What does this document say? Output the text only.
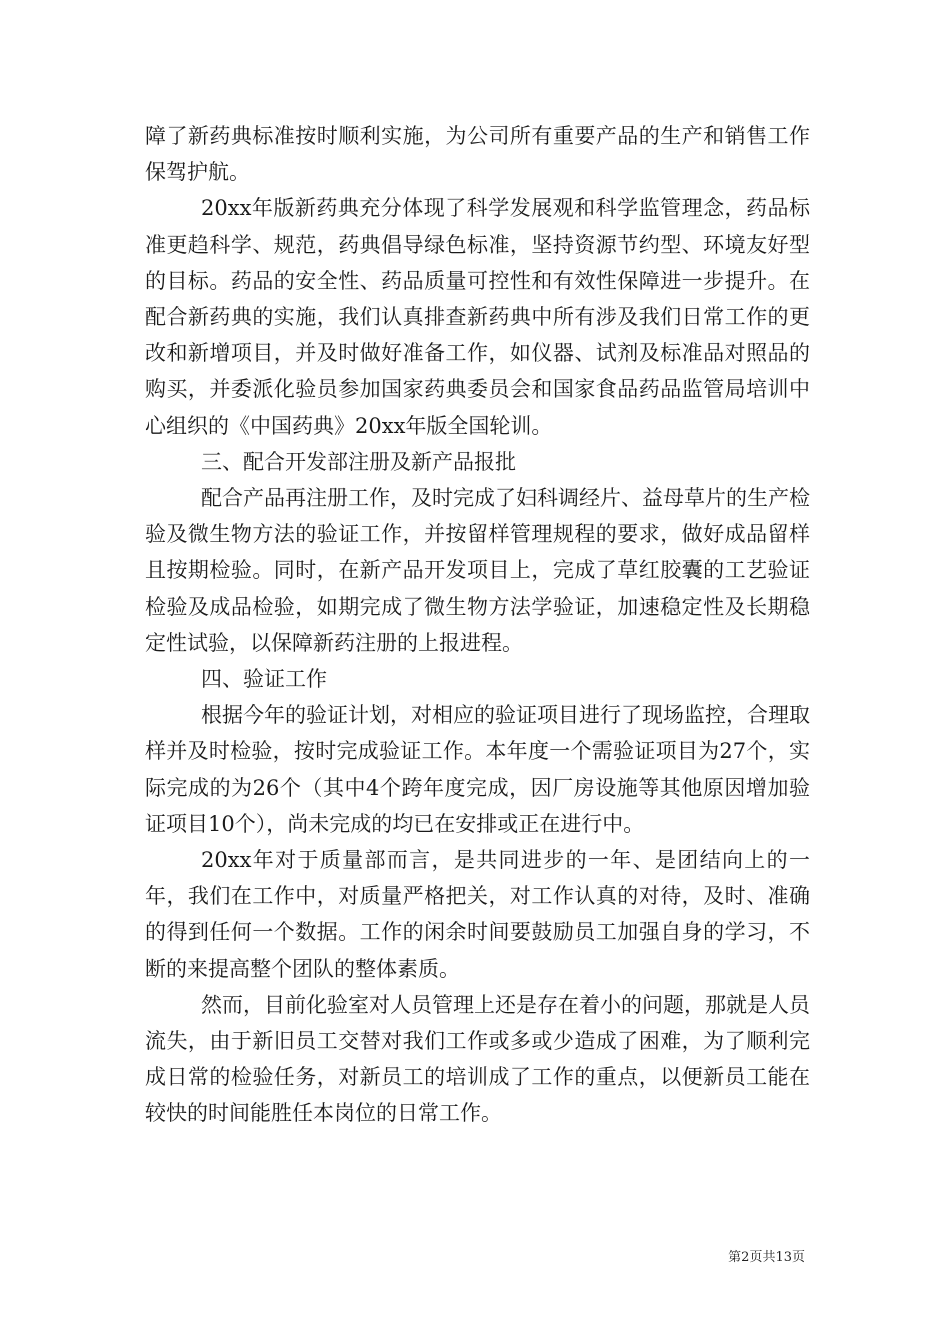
障了新药典标准按时顺利实施，为公司所有重要产品的生产和销售工作保驾护航。

20xx年版新药典充分体现了科学发展观和科学监管理念，药品标准更趋科学、规范，药典倡导绿色标准，坚持资源节约型、环境友好型的目标。药品的安全性、药品质量可控性和有效性保障进一步提升。在配合新药典的实施，我们认真排查新药典中所有涉及我们日常工作的更改和新增项目，并及时做好准备工作，如仪器、试剂及标准品对照品的购买，并委派化验员参加国家药典委员会和国家食品药品监管局培训中心组织的《中国药典》20xx年版全国轮训。

三、配合开发部注册及新产品报批

配合产品再注册工作，及时完成了妇科调经片、益母草片的生产检验及微生物方法的验证工作，并按留样管理规程的要求，做好成品留样且按期检验。同时，在新产品开发项目上，完成了草红胶囊的工艺验证检验及成品检验，如期完成了微生物方法学验证，加速稳定性及长期稳定性试验，以保障新药注册的上报进程。

四、验证工作

根据今年的验证计划，对相应的验证项目进行了现场监控，合理取样并及时检验，按时完成验证工作。本年度一个需验证项目为27个，实际完成的为26个（其中4个跨年度完成，因厂房设施等其他原因增加验证项目10个），尚未完成的均已在安排或正在进行中。

20xx年对于质量部而言，是共同进步的一年、是团结向上的一年，我们在工作中，对质量严格把关，对工作认真的对待，及时、准确的得到任何一个数据。工作的闲余时间要鼓励员工加强自身的学习，不断的来提高整个团队的整体素质。

然而，目前化验室对人员管理上还是存在着小的问题，那就是人员流失，由于新旧员工交替对我们工作或多或少造成了困难，为了顺利完成日常的检验任务，对新员工的培训成了工作的重点，以便新员工能在较快的时间能胜任本岗位的日常工作。

第2页共13页
